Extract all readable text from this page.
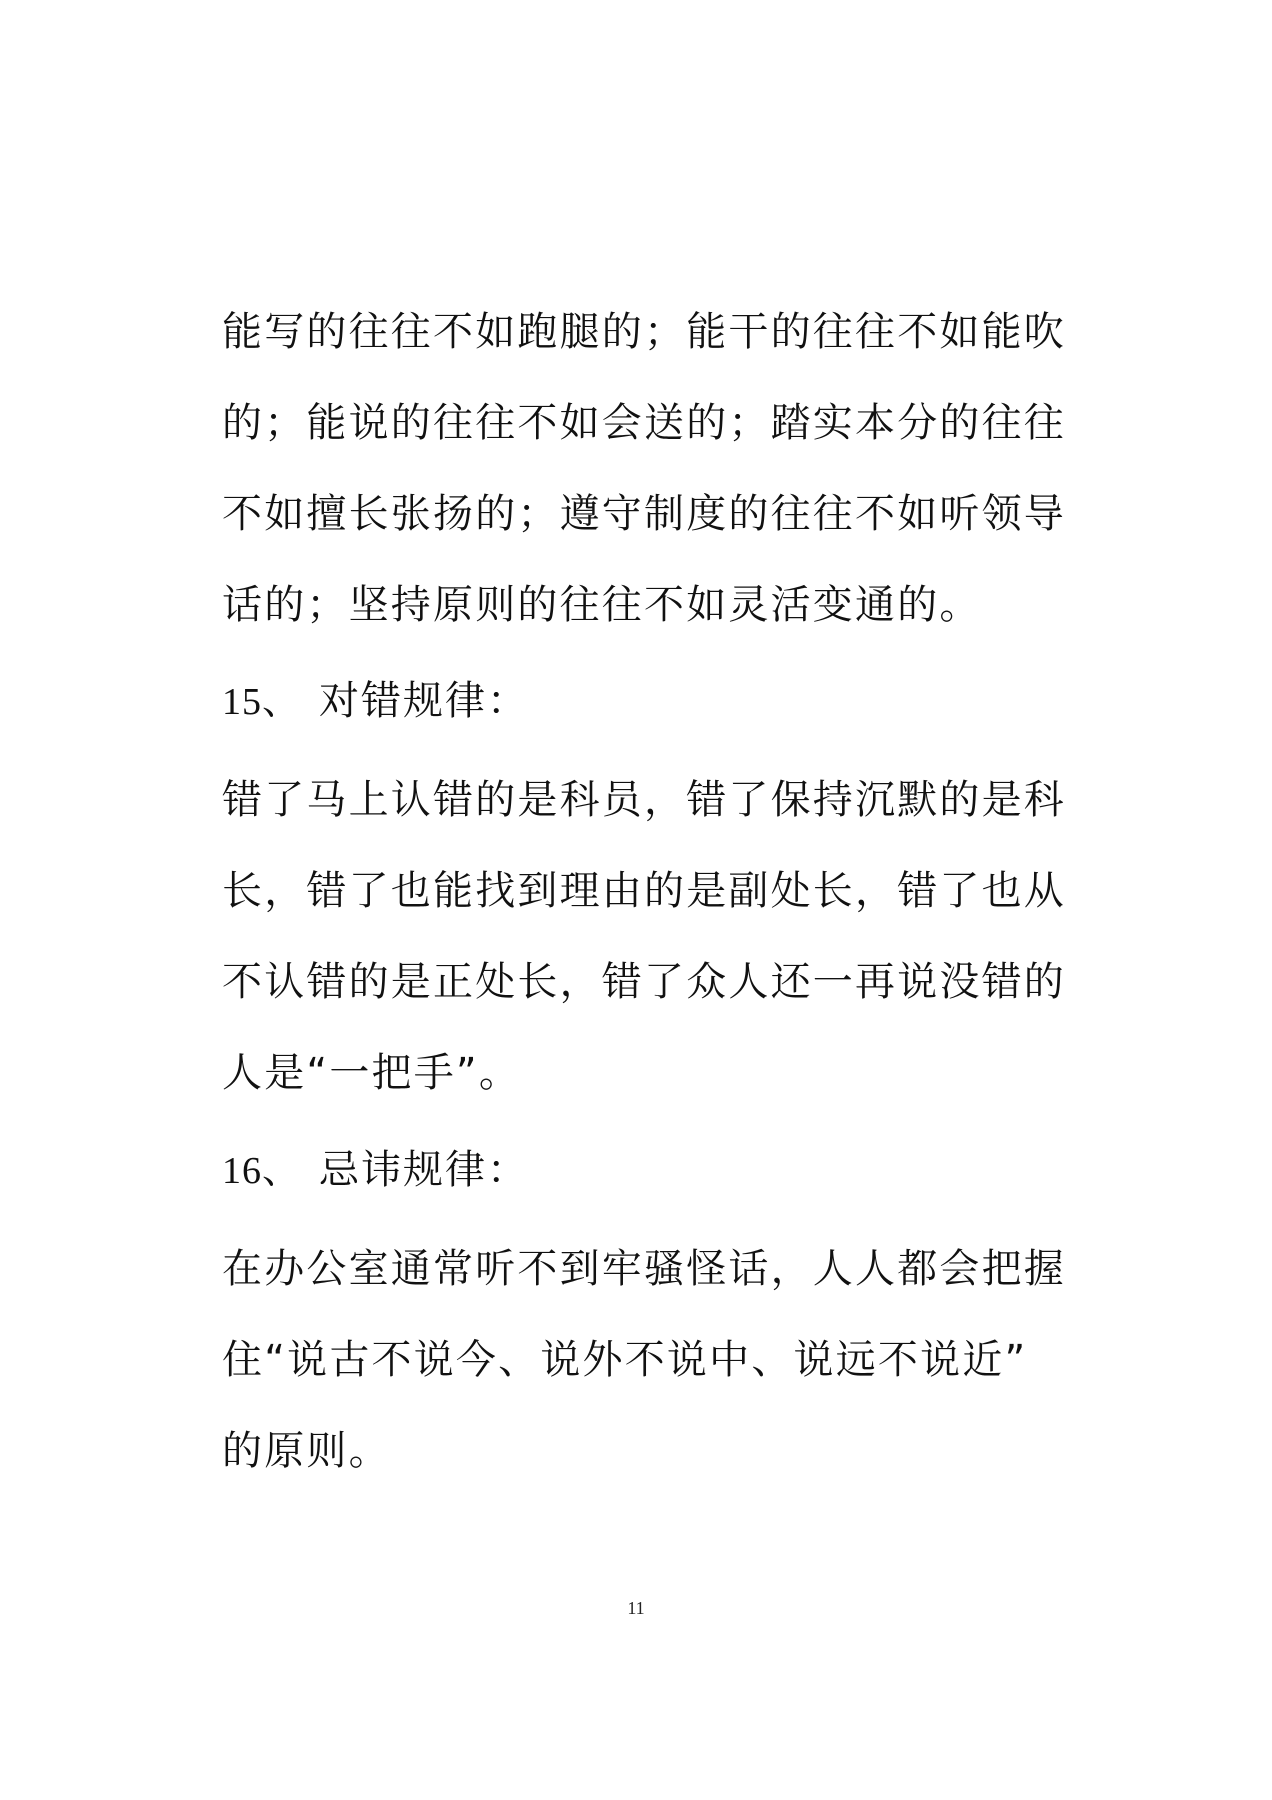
能写的往往不如跑腿的；能干的往往不如能吹
的；能说的往往不如会送的；踏实本分的往往
不如擅长张扬的；遵守制度的往往不如听领导
话的；坚持原则的往往不如灵活变通的。
15、 对错规律：
错了马上认错的是科员，错了保持沉默的是科
长，错了也能找到理由的是副处长，错了也从
不认错的是正处长，错了众人还一再说没错的
人是“一把手”。
16、 忌讳规律：
在办公室通常听不到牢骚怪话，人人都会把握
住“说古不说今、说外不说中、说远不说近”
的原则。
11
